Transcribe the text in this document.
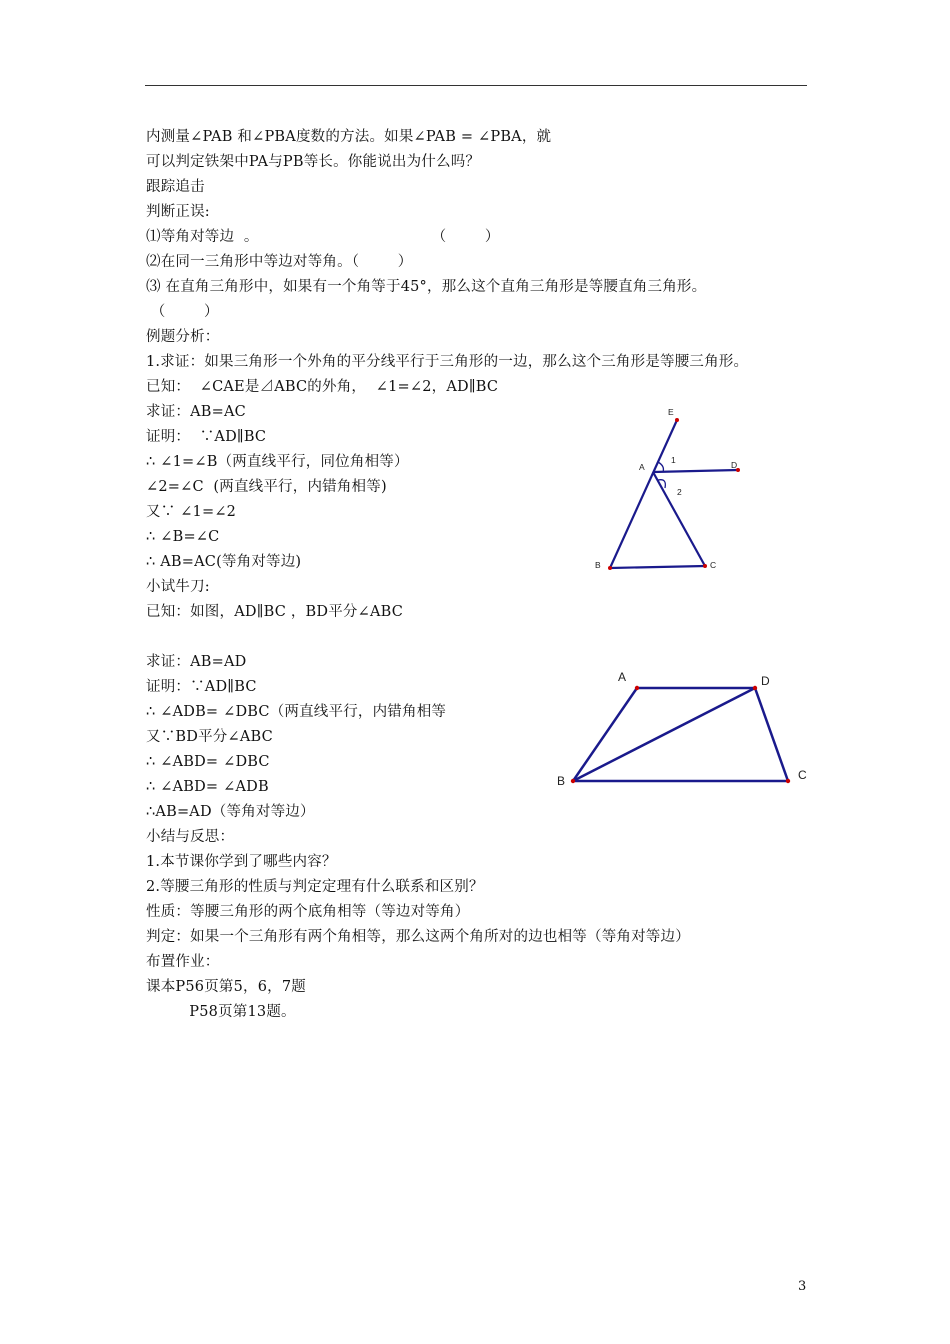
内测量∠PAB 和∠PBA度数的方法。如果∠PAB = ∠PBA，就
可以判定铁架中PA与PB等长。你能说出为什么吗？
跟踪追击
判断正误:
⑴等角对等边  。                                    （        ）
⑵在同一三角形中等边对等角。（        ）
⑶ 在直角三角形中，如果有一个角等于45°，那么这个直角三角形是等腰直角三角形。
（        ）
例题分析：
1.求证：如果三角形一个外角的平分线平行于三角形的一边，那么这个三角形是等腰三角形。
已知：  ∠CAE是⊿ABC的外角，  ∠1=∠2，AD∥BC
求证：AB=AC
证明：  ∵AD∥BC
∴ ∠1=∠B（两直线平行，同位角相等）
∠2=∠C  (两直线平行，内错角相等)
又∵ ∠1=∠2
∴ ∠B=∠C
∴ AB=AC(等角对等边)
小试牛刀:
已知：如图，AD∥BC ，BD平分∠ABC
求证：AB=AD
证明：∵AD∥BC
∴ ∠ADB= ∠DBC（两直线平行，内错角相等
又∵BD平分∠ABC
∴ ∠ABD= ∠DBC
∴ ∠ABD= ∠ADB
∴AB=AD（等角对等边）
小结与反思：
1.本节课你学到了哪些内容？
2.等腰三角形的性质与判定定理有什么联系和区别？
性质：等腰三角形的两个底角相等（等边对等角）
判定：如果一个三角形有两个角相等，那么这两个角所对的边也相等（等角对等边）
布置作业：
课本P56页第5，6，7题
P58页第13题。
E
A	D
1
2
B	C
A	D
B	C
3
